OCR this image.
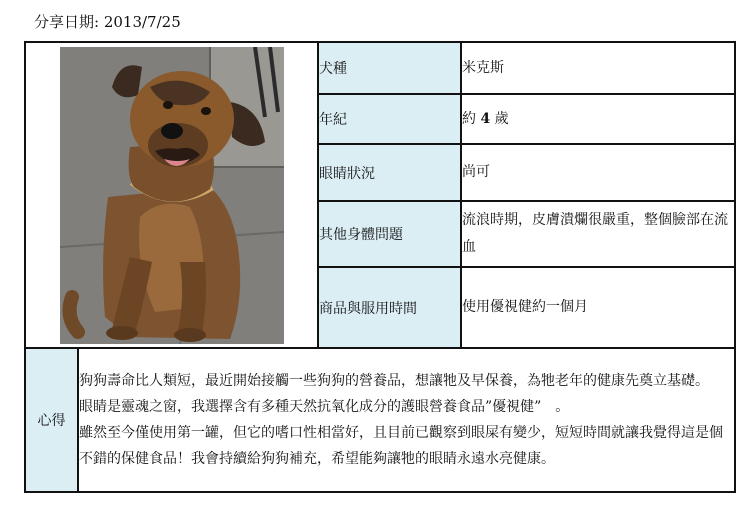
分享日期: 2013/7/25
	犬種	米克斯
		年紀	約 4 歲
		眼睛狀況	尚可
		其他身體問題	流浪時期，皮膚潰爛很嚴重，整個臉部在流血
		商品與服用時間	使用優視健約一個月
心得	狗狗壽命比人類短，最近開始接觸一些狗狗的營養品，想讓牠及早保養，為牠老年的健康先奠立基礎。
眼睛是靈魂之窗，我選擇含有多種天然抗氧化成分的護眼營養食品”優視健”　。
雖然至今僅使用第一罐，但它的嗜口性相當好，且目前已觀察到眼屎有變少，短短時間就讓我覺得這是個不錯的保健食品！我會持續給狗狗補充，希望能夠讓牠的眼睛永遠水亮健康。		
